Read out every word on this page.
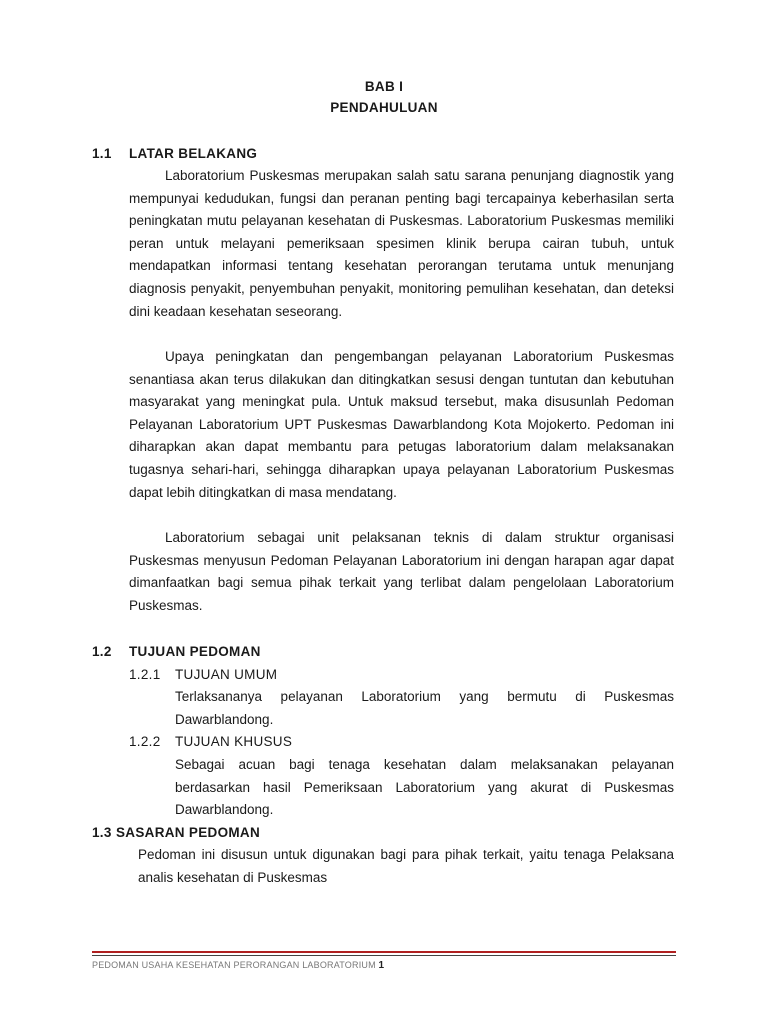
BAB I
PENDAHULUAN
1.1 LATAR BELAKANG

Laboratorium Puskesmas merupakan salah satu sarana penunjang diagnostik yang mempunyai kedudukan, fungsi dan peranan penting bagi tercapainya keberhasilan serta peningkatan mutu pelayanan kesehatan di Puskesmas. Laboratorium Puskesmas memiliki peran untuk melayani pemeriksaan spesimen klinik berupa cairan tubuh, untuk mendapatkan informasi tentang kesehatan perorangan terutama untuk menunjang diagnosis penyakit, penyembuhan penyakit, monitoring pemulihan kesehatan, dan deteksi dini keadaan kesehatan seseorang.

Upaya peningkatan dan pengembangan pelayanan Laboratorium Puskesmas senantiasa akan terus dilakukan dan ditingkatkan sesusi dengan tuntutan dan kebutuhan masyarakat yang meningkat pula. Untuk maksud tersebut, maka disusunlah Pedoman Pelayanan Laboratorium UPT Puskesmas Dawarblandong Kota Mojokerto. Pedoman ini diharapkan akan dapat membantu para petugas laboratorium dalam melaksanakan tugasnya sehari-hari, sehingga diharapkan upaya pelayanan Laboratorium Puskesmas dapat lebih ditingkatkan di masa mendatang.

Laboratorium sebagai unit pelaksanan teknis di dalam struktur organisasi Puskesmas menyusun Pedoman Pelayanan Laboratorium ini dengan harapan agar dapat dimanfaatkan bagi semua pihak terkait yang terlibat dalam pengelolaan Laboratorium Puskesmas.

1.2 TUJUAN PEDOMAN
1.2.1 TUJUAN UMUM

Terlaksananya pelayanan Laboratorium yang bermutu di Puskesmas Dawarblandong.

1.2.2 TUJUAN KHUSUS

Sebagai acuan bagi tenaga kesehatan dalam melaksanakan pelayanan berdasarkan hasil Pemeriksaan Laboratorium yang akurat di Puskesmas Dawarblandong.

1.3 SASARAN PEDOMAN

Pedoman ini disusun untuk digunakan bagi para pihak terkait, yaitu tenaga Pelaksana analis kesehatan di Puskesmas

PEDOMAN USAHA KESEHATAN PERORANGAN LABORATORIUM 1
